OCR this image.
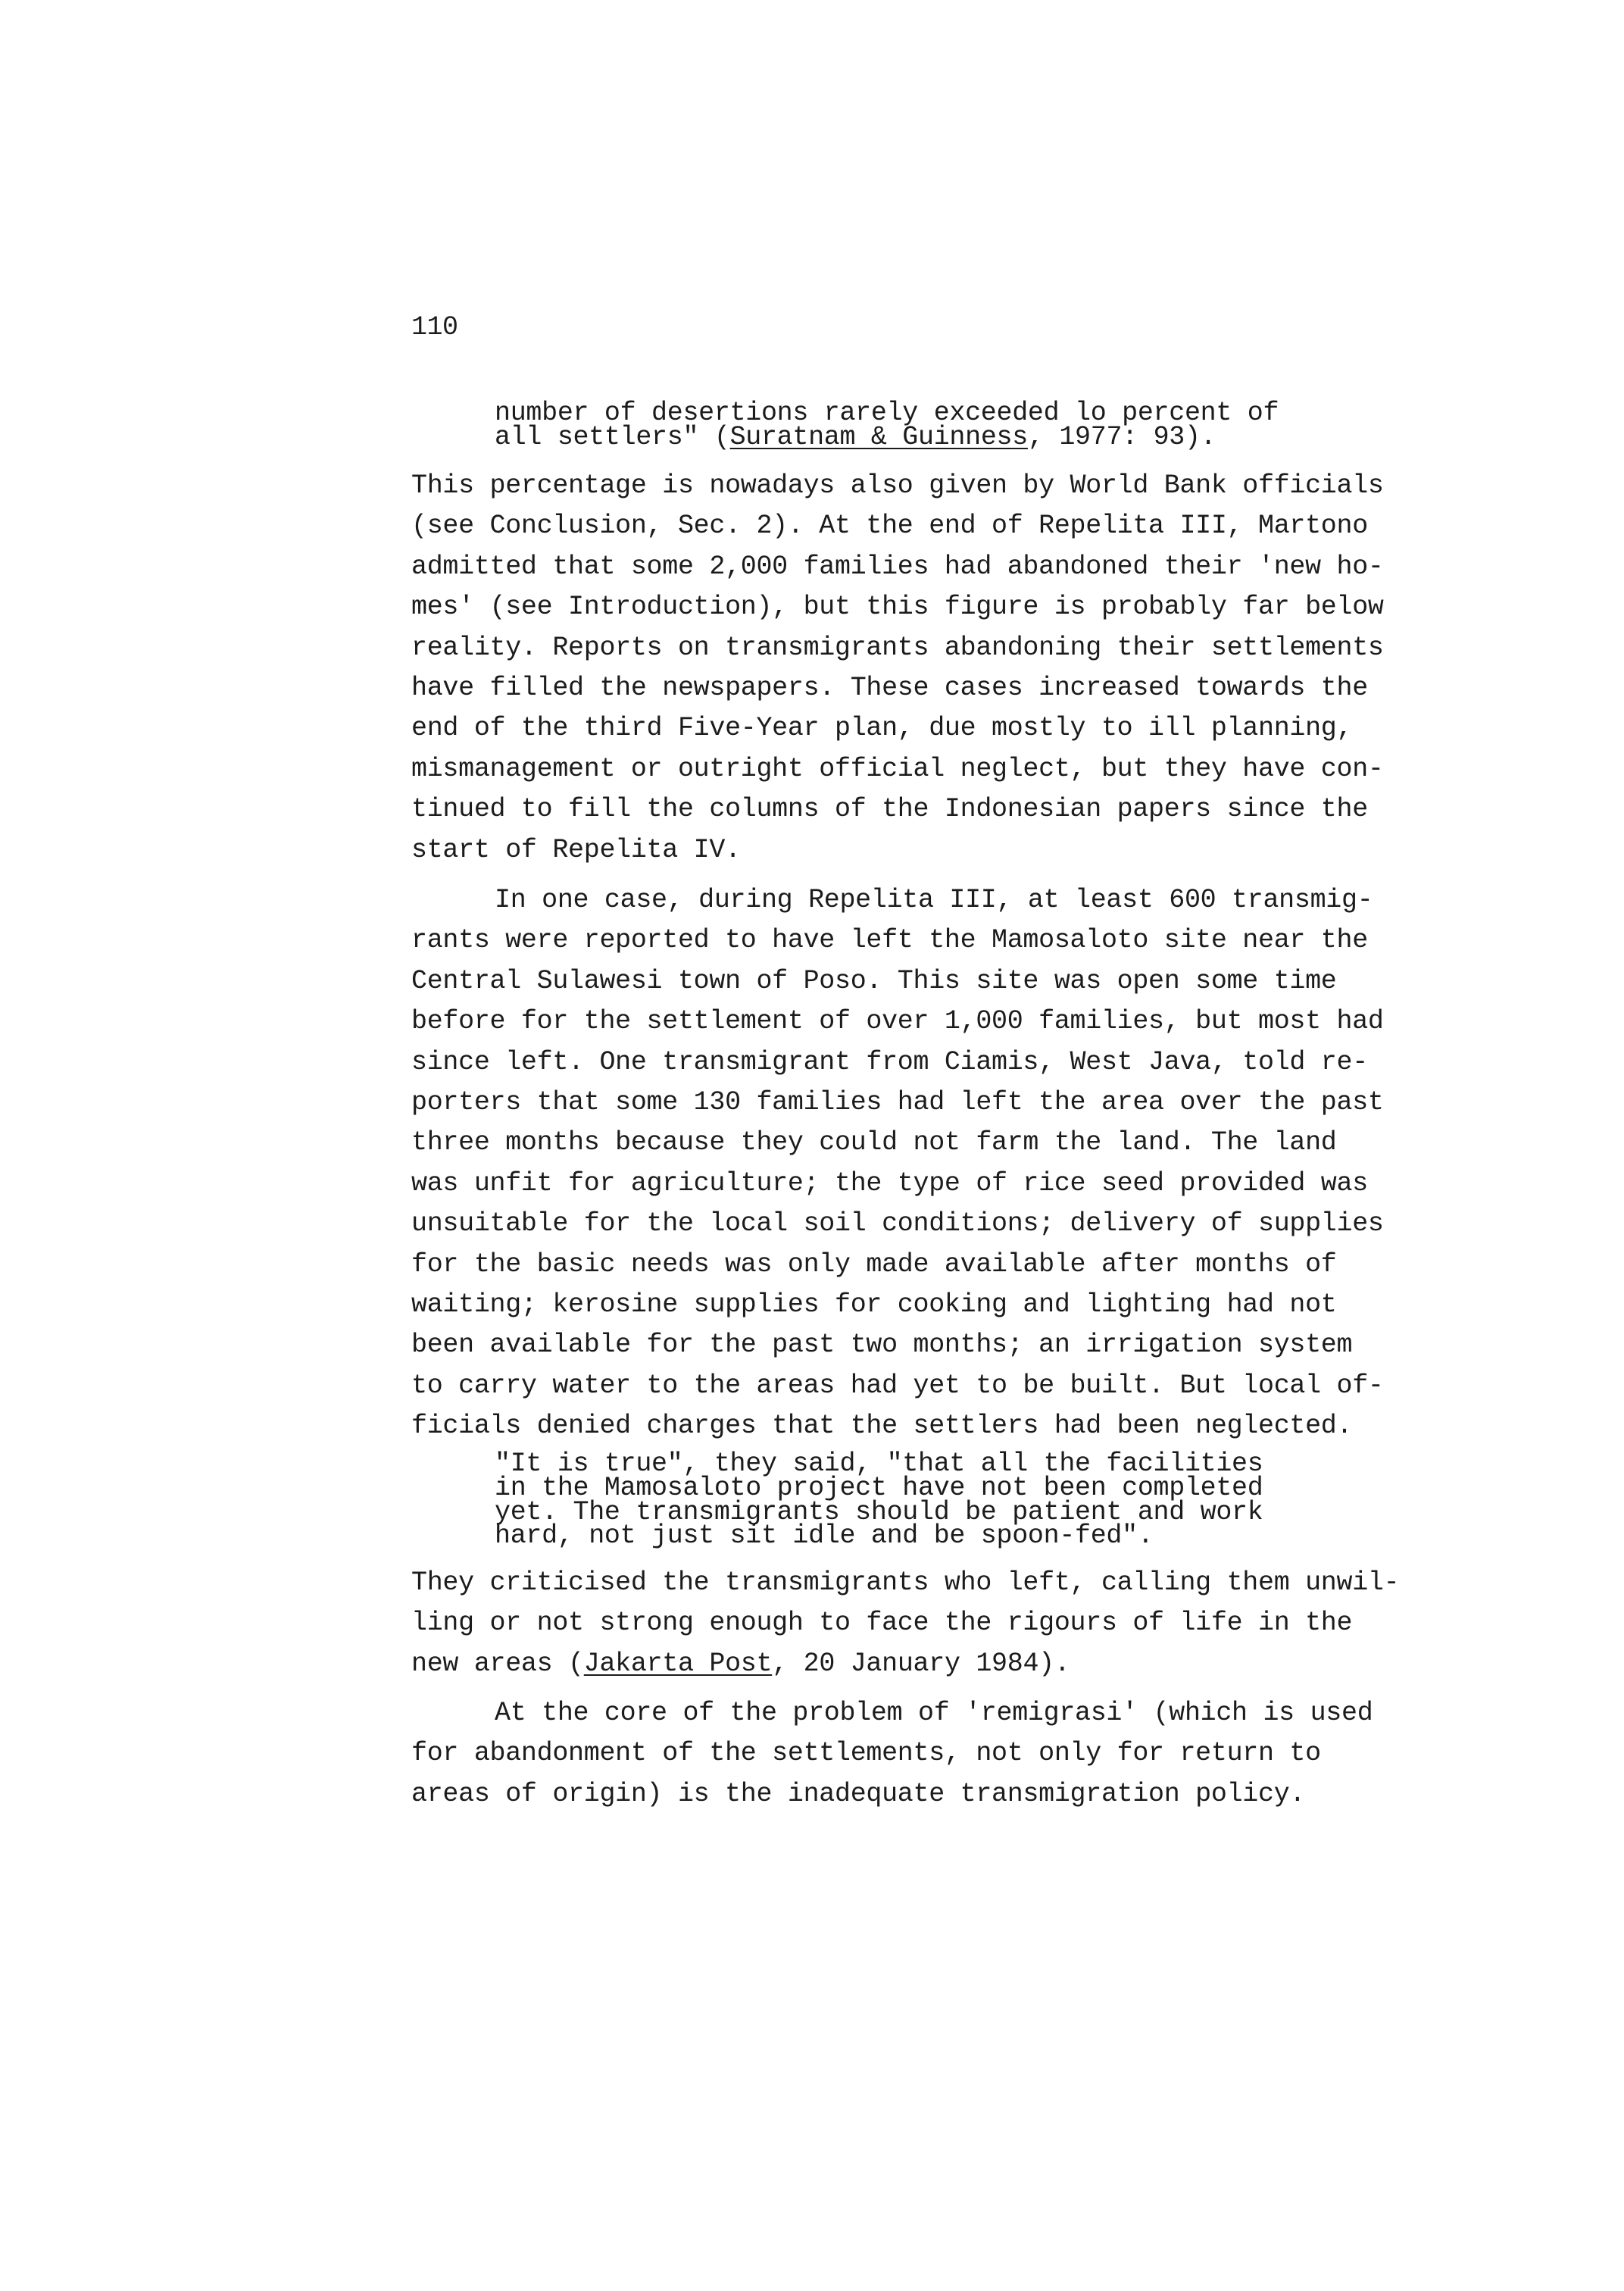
110
number of desertions rarely exceeded lo percent of
all settlers" (Suratnam & Guinness, 1977: 93).
This percentage is nowadays also given by World Bank officials
(see Conclusion, Sec. 2). At the end of Repelita III, Martono
admitted that some 2,000 families had abandoned their 'new ho-
mes' (see Introduction), but this figure is probably far below
reality. Reports on transmigrants abandoning their settlements
have filled the newspapers. These cases increased towards the
end of the third Five-Year plan, due mostly to ill planning,
mismanagement or outright official neglect, but they have con-
tinued to fill the columns of the Indonesian papers since the
start of Repelita IV.
In one case, during Repelita III, at least 600 transmig-
rants were reported to have left the Mamosaloto site near the
Central Sulawesi town of Poso. This site was open some time
before for the settlement of over 1,000 families, but most had
since left. One transmigrant from Ciamis, West Java, told re-
porters that some 130 families had left the area over the past
three months because they could not farm the land. The land
was unfit for agriculture; the type of rice seed provided was
unsuitable for the local soil conditions; delivery of supplies
for the basic needs was only made available after months of
waiting; kerosine supplies for cooking and lighting had not
been available for the past two months; an irrigation system
to carry water to the areas had yet to be built. But local of-
ficials denied charges that the settlers had been neglected.
"It is true", they said, "that all the facilities
in the Mamosaloto project have not been completed
yet. The transmigrants should be patient and work
hard, not just sit idle and be spoon-fed".
They criticised the transmigrants who left, calling them unwil-
ling or not strong enough to face the rigours of life in the
new areas (Jakarta Post, 20 January 1984).
At the core of the problem of 'remigrasi' (which is used
for abandonment of the settlements, not only for return to
areas of origin) is the inadequate transmigration policy.
